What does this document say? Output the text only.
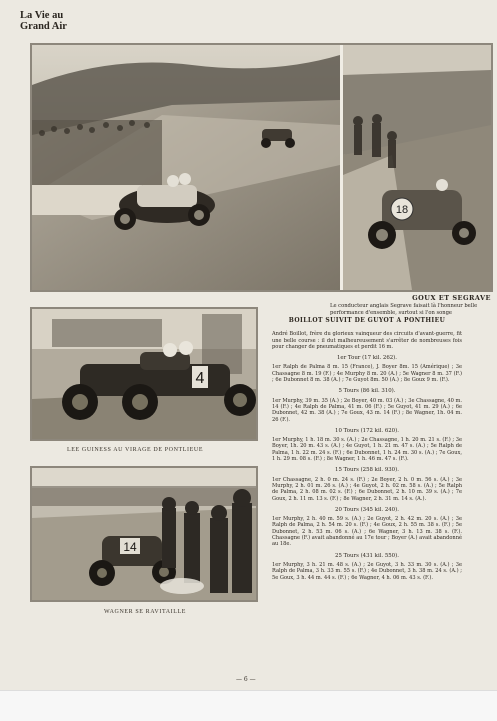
La Vie au
Grand Air
18
GOUX ET SEGRAVE
Le conducteur anglais Segrave faisait là l'honneur belle performance d'ensemble, surtout si l'on songe
4
LEE GUINESS AU VIRAGE DE PONTLIEUE
14
WAGNER SE RAVITAILLE
BOILLOT SUIVIT DE GUYOT A PONTHIEU

André Boillot, frère du glorieux vainqueur des circuits d'avant-guerre, fit une belle course : il dut malheureusement s'arrêter de nombreuses fois pour changer de pneumatiques et perdit 16 m.

1er Tour (17 kil. 262).

1er Ralph de Palma 8 m. 15 (France), J. Boyer 8m. 15 (Amérique) ; 3e Chassagne 8 m. 19 (F.) ; 4e Murphy 8 m. 20 (A.) ; 5e Wagner 8 m. 37 (F.) ; 6e Dubonnet 8 m. 38 (A.) ; 7e Guyot 8m. 50 (A.) ; 8e Goux 9 m. (F.).

5 Tours (86 kil. 310).

1er Murphy, 39 m. 35 (A.) ; 2e Boyer, 40 m. 03 (A.) ; 3e Chassagne, 40 m. 14 (F.) ; 4e Ralph de Palma, 41 m. 06 (F.) ; 5e Guyot, 41 m. 29 (A.) ; 6e Dubonnet, 42 m. 38 (A.) ; 7e Goux, 43 m. 14 (F.) ; 8e Wagner, 1h. 04 m. 26 (F.).

10 Tours (172 kil. 620).

1er Murphy, 1 h. 18 m. 30 s. (A.) ; 2e Chassagne, 1 h. 20 m. 21 s. (F.) ; 3e Boyer, 1h. 20 m. 43 s. (A.) ; 4e Guyot, 1 h. 21 m. 47 s. (A.) ; 5e Ralph de Palma, 1 h. 22 m. 24 s. (F.) ; 6e Dubonnet, 1 h. 24 m. 30 s. (A.) ; 7e Goux, 1 h. 29 m. 08 s. (F.) ; 8e Wagner, 1 h. 46 m. 47 s. (F.).

15 Tours (258 kil. 930).

1er Chassagne, 2 h. 0 m. 24 s. (F.) ; 2e Boyer, 2 h. 0 m. 56 s. (A.) ; 3e Murphy, 2 h. 01 m. 26 s. (A.) ; 4e Guyot, 2 h. 02 m. 58 s. (A.) ; 5e Ralph de Palma, 2 h. 08 m. 02 s. (F.) ; 6e Dubonnet, 2 h. 10 m. 39 s. (A.) ; 7e Goux, 2 h. 11 m. 13 s. (F.) ; 8e Wagner, 2 h. 31 m. 14 s. (A.).

20 Tours (345 kil. 240).

1er Murphy, 2 h. 40 m. 59 s. (A.) ; 2e Guyot, 2 h. 42 m. 20 s. (A.) ; 3e Ralph de Palma, 2 h. 54 m. 20 s. (F.) ; 4e Goux, 2 h. 55 m. 38 s. (F.) ; 5e Dubonnet, 2 h. 53 m. 06 s. (A.) ; 6e Wagner, 3 h. 13 m. 38 s. (F.). Chassagne (F.) avait abandonné au 17e tour ; Boyer (A.) avait abandonné au 18e.

25 Tours (431 kil. 550).

1er Murphy, 3 h. 21 m. 48 s. (A.) ; 2e Guyot, 3 h. 33 m. 30 s. (A.) ; 3e Ralph de Palma, 3 h. 33 m. 55 s. (F.) ; 4e Dubonnet, 3 h. 38 m. 24 s. (A.) ; 5e Goux, 3 h. 44 m. 44 s. (F.) ; 6e Wagner, 4 h. 06 m. 43 s. (F.).

— 6 —
